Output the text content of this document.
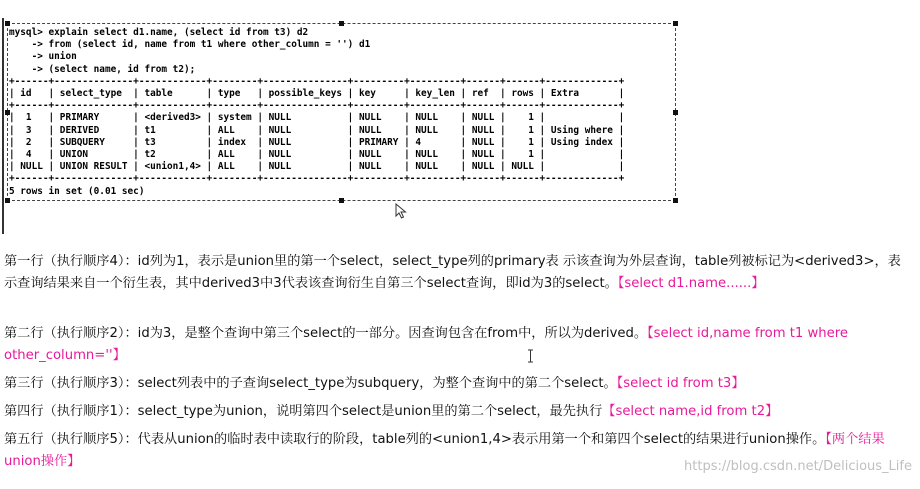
mysql> explain select d1.name, (select id from t3) d2
-> from (select id, name from t1 where other_column = '') d1
-> union
-> (select name, id from t2);
+------+--------------+------------+--------+---------------+---------+---------+------+------+-------------+
| id   | select_type  | table      | type   | possible_keys | key     | key_len | ref  | rows | Extra       |
+------+--------------+------------+--------+---------------+---------+---------+------+------+-------------+
|  1   | PRIMARY      | <derived3> | system | NULL          | NULL    | NULL    | NULL |    1 |             |
|  3   | DERIVED      | t1         | ALL    | NULL          | NULL    | NULL    | NULL |    1 | Using where |
|  2   | SUBQUERY     | t3         | index  | NULL          | PRIMARY | 4       | NULL |    1 | Using index |
|  4   | UNION        | t2         | ALL    | NULL          | NULL    | NULL    | NULL |    1 |             |
| NULL | UNION RESULT | <union1,4> | ALL    | NULL          | NULL    | NULL    | NULL | NULL |             |
+------+--------------+------------+--------+---------------+---------+---------+------+------+-------------+
5 rows in set (0.01 sec)

第一行（执行顺序4）：id列为1，表示是union里的第一个select，select_type列的primary表 示该查询为外层查询，table列被标记为<derived3>，表示查询结果来自一个衍生表，其中derived3中3代表该查询衍生自第三个select查询，即id为3的select。【select d1.name......】

第二行（执行顺序2）：id为3，是整个查询中第三个select的一部分。因查询包含在from中，所以为derived。【select id,name from t1 where other_column=''】

第三行（执行顺序3）：select列表中的子查询select_type为subquery，为整个查询中的第二个select。【select id from t3】

第四行（执行顺序1）：select_type为union，说明第四个select是union里的第二个select，最先执行【select name,id from t2】

第五行（执行顺序5）：代表从union的临时表中读取行的阶段，table列的<union1,4>表示用第一个和第四个select的结果进行union操作。【两个结果union操作】	https://blog.csdn.net/Delicious_Life
